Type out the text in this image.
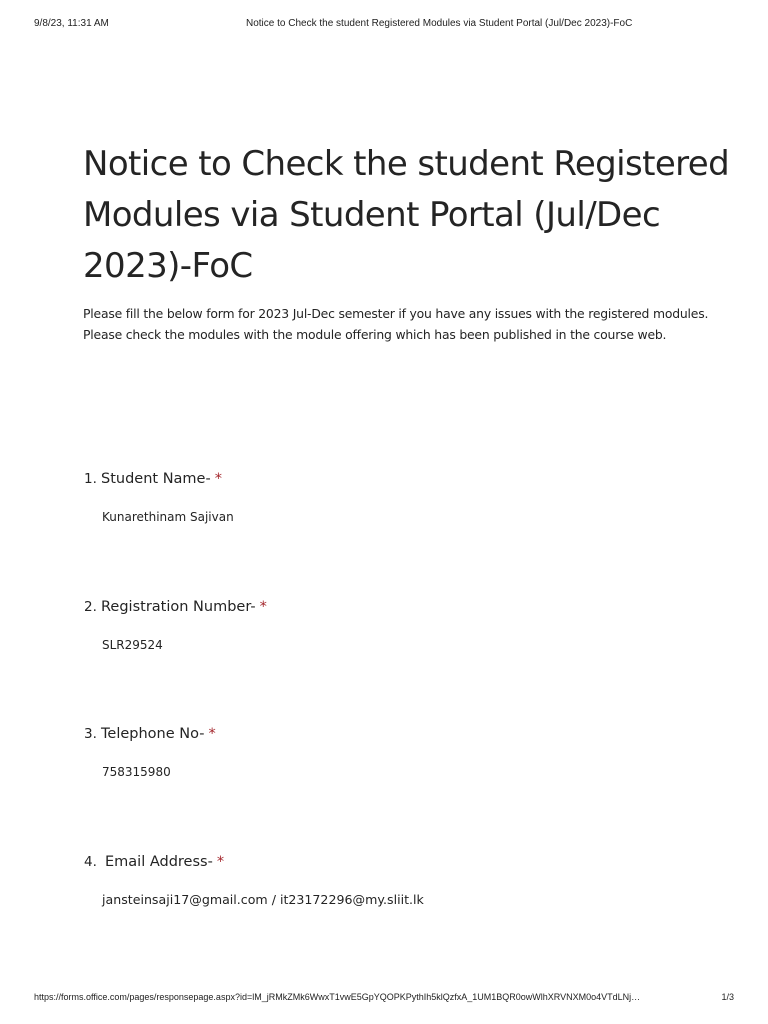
9/8/23, 11:31 AM	Notice to Check the student Registered Modules via Student Portal (Jul/Dec 2023)-FoC
Notice to Check the student Registered Modules via Student Portal (Jul/Dec 2023)-FoC

Please fill the below form for 2023 Jul-Dec semester if you have any issues with the registered modules. Please check the modules with the module offering which has been published in the course web.

1. Student Name- *
Kunarethinam Sajivan
2. Registration Number- *
SLR29524
3. Telephone No- *
758315980
4. Email Address- *
jansteinsaji17@gmail.com / it23172296@my.sliit.lk
https://forms.office.com/pages/responsepage.aspx?id=lM_jRMkZMk6WwxT1vwE5GpYQOPKPythIh5klQzfxA_1UM1BQR0owWlhXRVNXM0o4VTdLNj…	1/3
